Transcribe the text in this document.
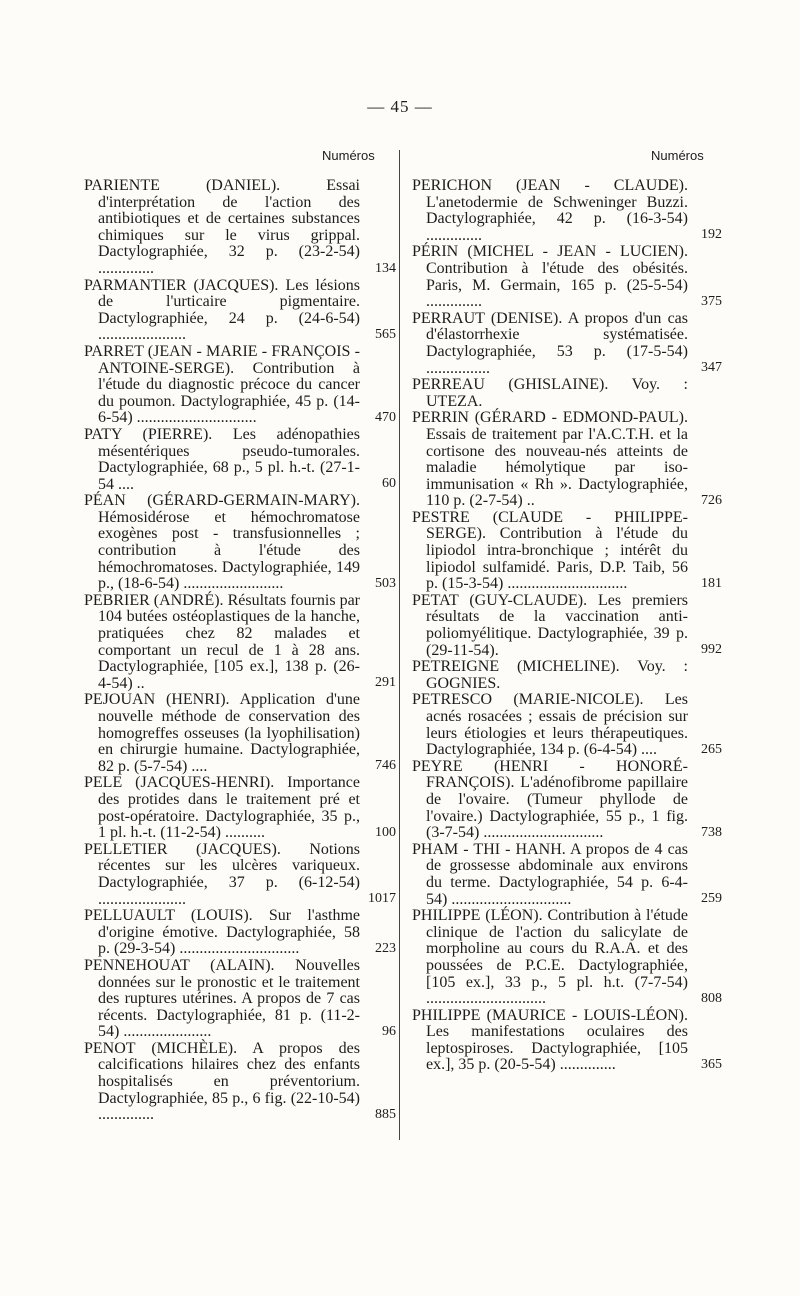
— 45 —
Numéros	Numéros
PARIENTE (DANIEL). Essai d'interprétation de l'action des antibiotiques et de certaines substances chimiques sur le virus grippal. Dactylographiée, 32 p. (23-2-54) ..............	134
PARMANTIER (JACQUES). Les lésions de l'urticaire pigmentaire. Dactylographiée, 24 p. (24-6-54) ......................	565
PARRET (JEAN - MARIE - FRANÇOIS - ANTOINE-SERGE). Contribution à l'étude du diagnostic précoce du cancer du poumon. Dactylographiée, 45 p. (14-6-54) ..............................	470
PATY (PIERRE). Les adénopathies mésentériques pseudo-tumorales. Dactylographiée, 68 p., 5 pl. h.-t. (27-1-54 ....	60
PÉAN (GÉRARD-GERMAIN-MARY). Hémosidérose et hémochromatose exogènes post - transfusionnelles ; contribution à l'étude des hémochromatoses. Dactylographiée, 149 p., (18-6-54) .........................	503
PEBRIER (ANDRÉ). Résultats fournis par 104 butées ostéoplastiques de la hanche, pratiquées chez 82 malades et comportant un recul de 1 à 28 ans. Dactylographiée, [105 ex.], 138 p. (26-4-54) ..	291
PEJOUAN (HENRI). Application d'une nouvelle méthode de conservation des homogreffes osseuses (la lyophilisation) en chirurgie humaine. Dactylographiée, 82 p. (5-7-54) ....	746
PELE (JACQUES-HENRI). Importance des protides dans le traitement pré et post-opératoire. Dactylographiée, 35 p., 1 pl. h.-t. (11-2-54) ..........	100
PELLETIER (JACQUES). Notions récentes sur les ulcères variqueux. Dactylographiée, 37 p. (6-12-54) ......................	1017
PELLUAULT (LOUIS). Sur l'asthme d'origine émotive. Dactylographiée, 58 p. (29-3-54) ..............................	223
PENNEHOUAT (ALAIN). Nouvelles données sur le pronostic et le traitement des ruptures utérines. A propos de 7 cas récents. Dactylographiée, 81 p. (11-2-54) ......................	96
PENOT (MICHÈLE). A propos des calcifications hilaires chez des enfants hospitalisés en préventorium. Dactylographiée, 85 p., 6 fig. (22-10-54) ..............	885
PERICHON (JEAN - CLAUDE). L'anetodermie de Schweninger Buzzi. Dactylographiée, 42 p. (16-3-54) ..............	192
PÉRIN (MICHEL - JEAN - LUCIEN). Contribution à l'étude des obésités. Paris, M. Germain, 165 p. (25-5-54) ..............	375
PERRAUT (DENISE). A propos d'un cas d'élastorrhexie systématisée. Dactylographiée, 53 p. (17-5-54) ................	347
PERREAU (GHISLAINE). Voy. : UTEZA.
PERRIN (GÉRARD - EDMOND-PAUL). Essais de traitement par l'A.C.T.H. et la cortisone des nouveau-nés atteints de maladie hémolytique par iso-immunisation « Rh ». Dactylographiée, 110 p. (2-7-54) ..	726
PESTRE (CLAUDE - PHILIPPE-SERGE). Contribution à l'étude du lipiodol intra-bronchique ; intérêt du lipiodol sulfamidé. Paris, D.P. Taib, 56 p. (15-3-54) ..............................	181
PETAT (GUY-CLAUDE). Les premiers résultats de la vaccination anti-poliomyélitique. Dactylographiée, 39 p. (29-11-54).	992
PETREIGNE (MICHELINE). Voy. : GOGNIES.
PETRESCO (MARIE-NICOLE). Les acnés rosacées ; essais de précision sur leurs étiologies et leurs thérapeutiques. Dactylographiée, 134 p. (6-4-54) ....	265
PEYRE (HENRI - HONORÉ-FRANÇOIS). L'adénofibrome papillaire de l'ovaire. (Tumeur phyllode de l'ovaire.) Dactylographiée, 55 p., 1 fig. (3-7-54) ..............................	738
PHAM - THI - HANH. A propos de 4 cas de grossesse abdominale aux environs du terme. Dactylographiée, 54 p. 6-4-54) ..............................	259
PHILIPPE (LÉON). Contribution à l'étude clinique de l'action du salicylate de morpholine au cours du R.A.A. et des poussées de P.C.E. Dactylographiée, [105 ex.], 33 p., 5 pl. h.t. (7-7-54) ..............................	808
PHILIPPE (MAURICE - LOUIS-LÉON). Les manifestations oculaires des leptospiroses. Dactylographiée, [105 ex.], 35 p. (20-5-54) ..............	365
